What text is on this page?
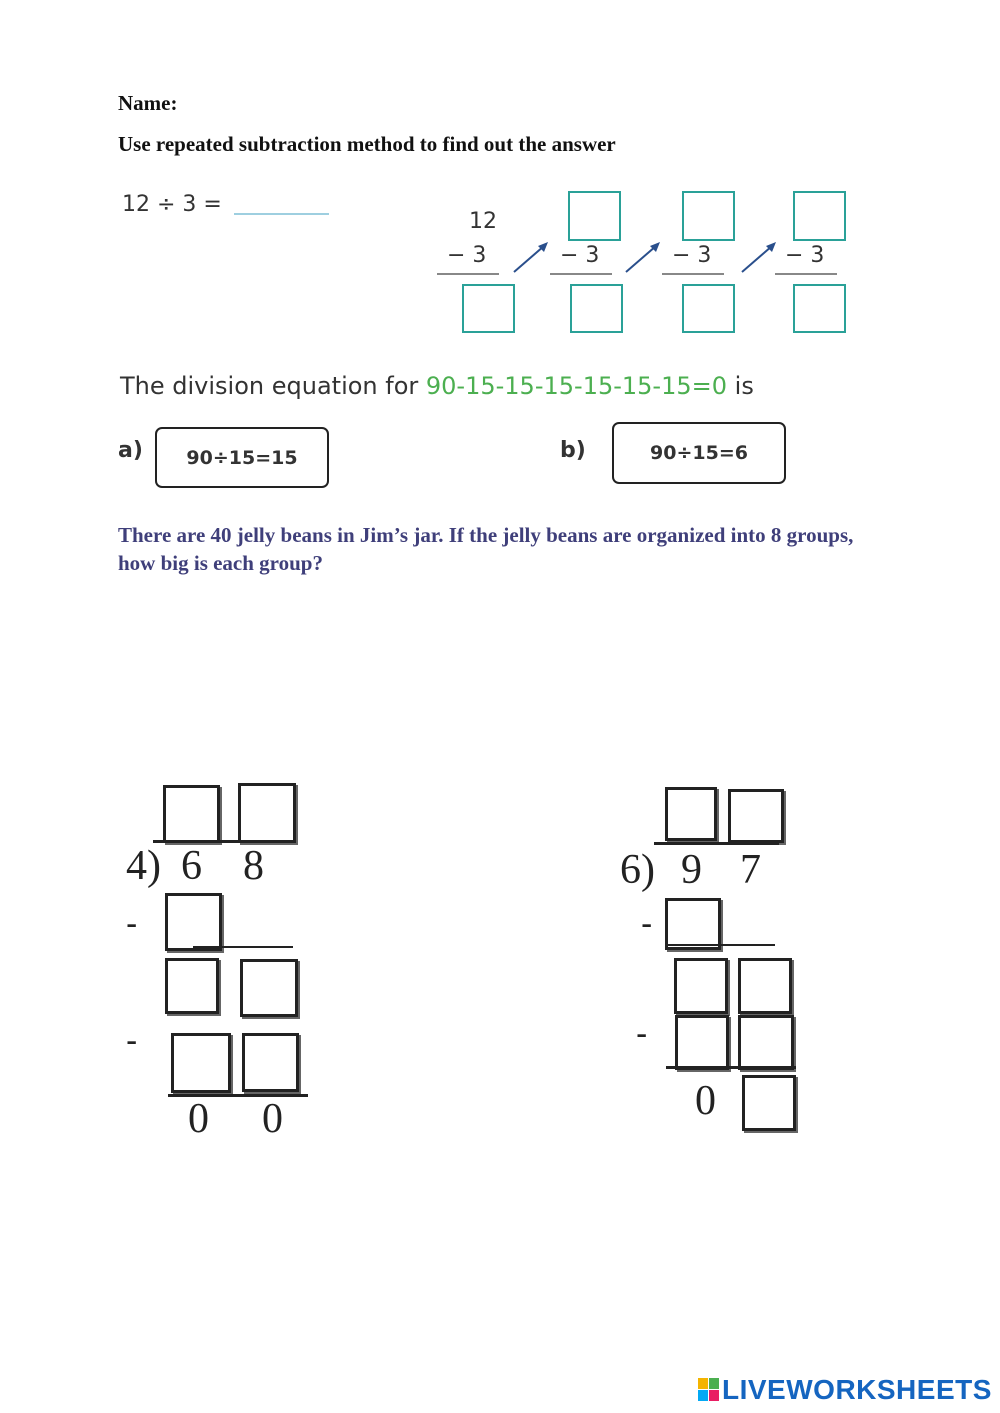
Name:
Use repeated subtraction method to find out the answer
12 ÷ 3 =
12
− 3	− 3	− 3	− 3
The division equation for 90-15-15-15-15-15-15=0 is
a)	90÷15=15	b)	90÷15=6
There are 40 jelly beans in Jim’s jar. If the jelly beans are organized into 8 groups, how big is each group?
4) 6 8
-
-
0 0
6) 9 7
-
-
0
LIVEWORKSHEETS
